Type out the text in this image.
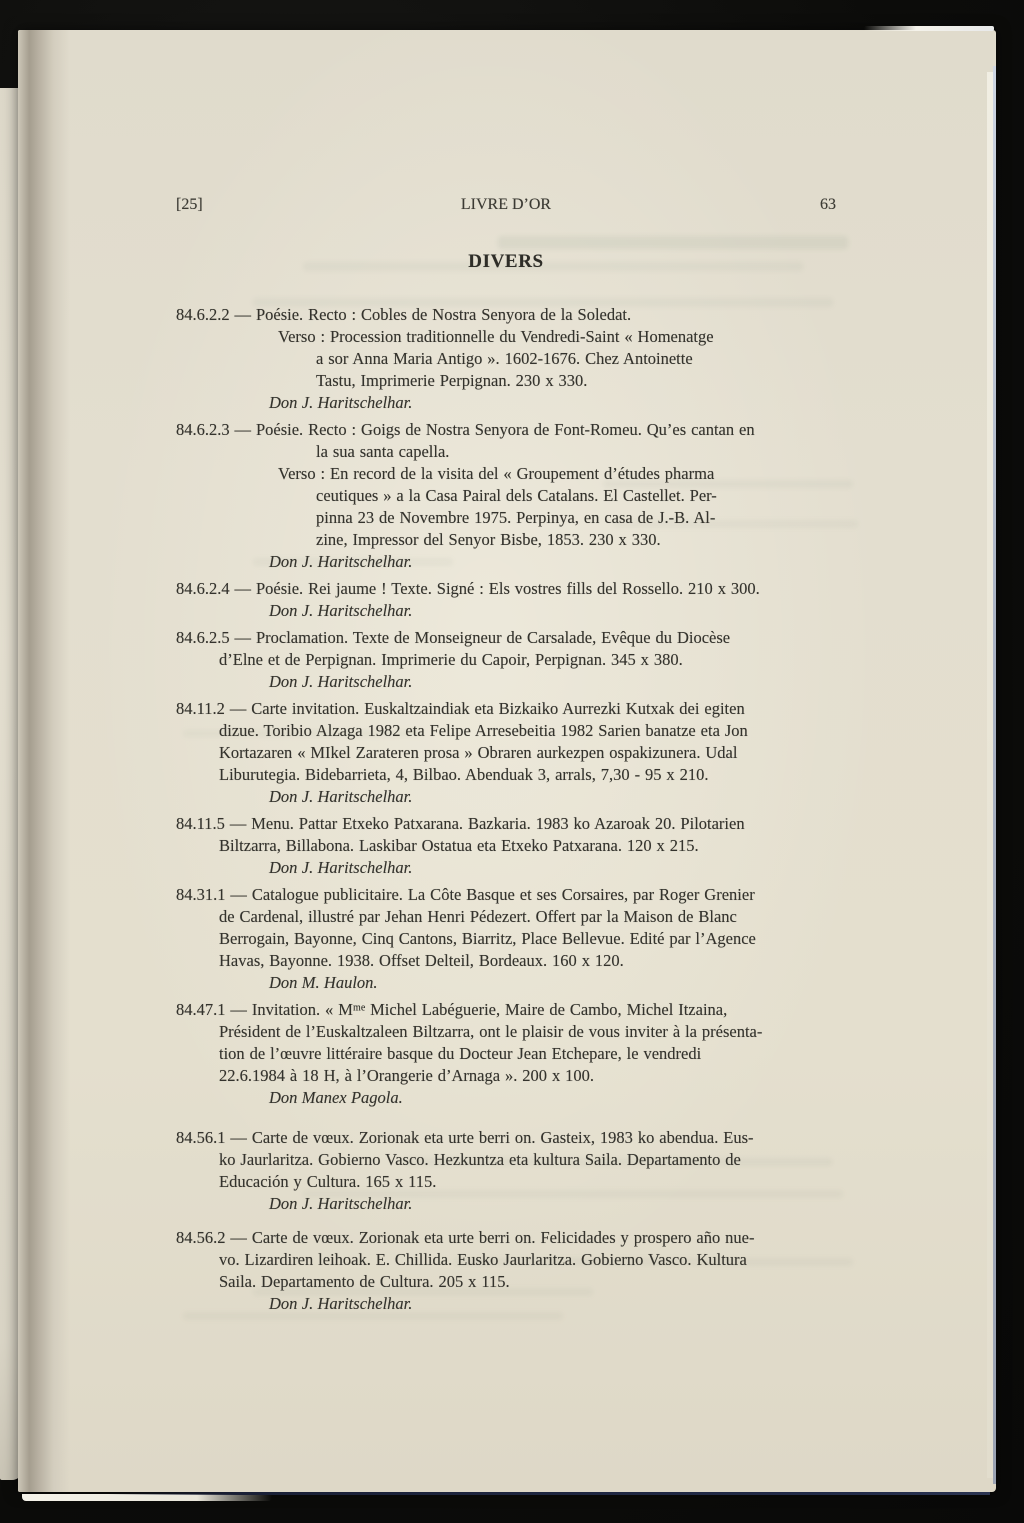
[25]	LIVRE D’OR	63
DIVERS
84.6.2.2 — Poésie. Recto : Cobles de Nostra Senyora de la Soledat.
Verso : Procession traditionnelle du Vendredi-Saint « Homenatge
a sor Anna Maria Antigo ». 1602-1676. Chez Antoinette
Tastu, Imprimerie Perpignan. 230 x 330.
Don J. Haritschelhar.
84.6.2.3 — Poésie. Recto : Goigs de Nostra Senyora de Font-Romeu. Qu’es cantan en
la sua santa capella.
Verso : En record de la visita del « Groupement d’études pharma
ceutiques » a la Casa Pairal dels Catalans. El Castellet. Per-
pinna 23 de Novembre 1975. Perpinya, en casa de J.-B. Al-
zine, Impressor del Senyor Bisbe, 1853. 230 x 330.
Don J. Haritschelhar.
84.6.2.4 — Poésie. Rei jaume ! Texte. Signé : Els vostres fills del Rossello. 210 x 300.
Don J. Haritschelhar.
84.6.2.5 — Proclamation. Texte de Monseigneur de Carsalade, Evêque du Diocèse
d’Elne et de Perpignan. Imprimerie du Capoir, Perpignan. 345 x 380.
Don J. Haritschelhar.
84.11.2 — Carte invitation. Euskaltzaindiak eta Bizkaiko Aurrezki Kutxak dei egiten
dizue. Toribio Alzaga 1982 eta Felipe Arresebeitia 1982 Sarien banatze eta Jon
Kortazaren « MIkel Zarateren prosa » Obraren aurkezpen ospakizunera. Udal
Liburutegia. Bidebarrieta, 4, Bilbao. Abenduak 3, arrals, 7,30 - 95 x 210.
Don J. Haritschelhar.
84.11.5 — Menu. Pattar Etxeko Patxarana. Bazkaria. 1983 ko Azaroak 20. Pilotarien
Biltzarra, Billabona. Laskibar Ostatua eta Etxeko Patxarana. 120 x 215.
Don J. Haritschelhar.
84.31.1 — Catalogue publicitaire. La Côte Basque et ses Corsaires, par Roger Grenier
de Cardenal, illustré par Jehan Henri Pédezert. Offert par la Maison de Blanc
Berrogain, Bayonne, Cinq Cantons, Biarritz, Place Bellevue. Edité par l’Agence
Havas, Bayonne. 1938. Offset Delteil, Bordeaux. 160 x 120.
Don M. Haulon.
84.47.1 — Invitation. « Mᵐᵉ Michel Labéguerie, Maire de Cambo, Michel Itzaina,
Président de l’Euskaltzaleen Biltzarra, ont le plaisir de vous inviter à la présenta-
tion de l’œuvre littéraire basque du Docteur Jean Etchepare, le vendredi
22.6.1984 à 18 H, à l’Orangerie d’Arnaga ». 200 x 100.
Don Manex Pagola.
84.56.1 — Carte de vœux. Zorionak eta urte berri on. Gasteix, 1983 ko abendua. Eus-
ko Jaurlaritza. Gobierno Vasco. Hezkuntza eta kultura Saila. Departamento de
Educación y Cultura. 165 x 115.
Don J. Haritschelhar.
84.56.2 — Carte de vœux. Zorionak eta urte berri on. Felicidades y prospero año nue-
vo. Lizardiren leihoak. E. Chillida. Eusko Jaurlaritza. Gobierno Vasco. Kultura
Saila. Departamento de Cultura. 205 x 115.
Don J. Haritschelhar.
